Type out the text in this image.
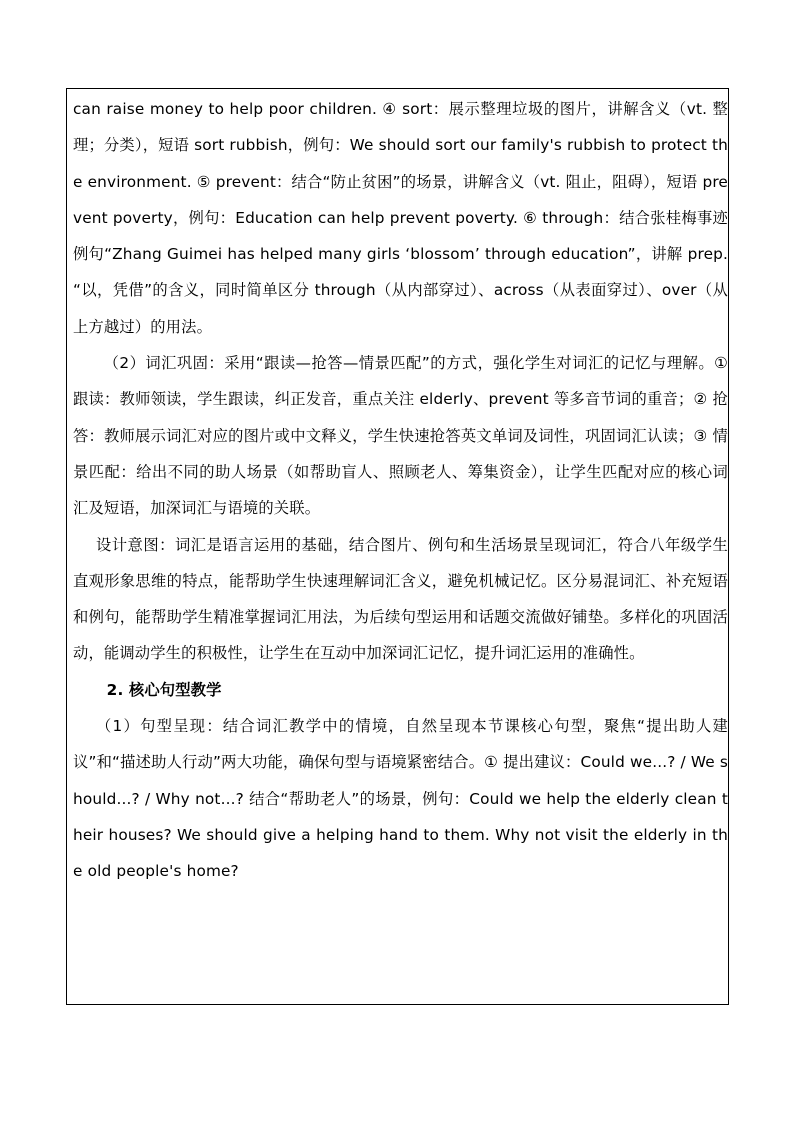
can raise money to help poor children. ④ sort：展示整理垃圾的图片，讲解含义（vt. 整理；分类），短语 sort rubbish，例句：We should sort our family's rubbish to protect the environment. ⑤ prevent：结合“防止贫困”的场景，讲解含义（vt. 阻止，阻碍），短语 prevent poverty，例句：Education can help prevent poverty. ⑥ through：结合张桂梅事迹例句“Zhang Guimei has helped many girls ‘blossom’ through education”，讲解 prep. “以，凭借”的含义，同时简单区分 through（从内部穿过）、across（从表面穿过）、over（从上方越过）的用法。

（2）词汇巩固：采用“跟读—抢答—情景匹配”的方式，强化学生对词汇的记忆与理解。① 跟读：教师领读，学生跟读，纠正发音，重点关注 elderly、prevent 等多音节词的重音；② 抢答：教师展示词汇对应的图片或中文释义，学生快速抢答英文单词及词性，巩固词汇认读；③ 情景匹配：给出不同的助人场景（如帮助盲人、照顾老人、筹集资金），让学生匹配对应的核心词汇及短语，加深词汇与语境的关联。

设计意图：词汇是语言运用的基础，结合图片、例句和生活场景呈现词汇，符合八年级学生直观形象思维的特点，能帮助学生快速理解词汇含义，避免机械记忆。区分易混词汇、补充短语和例句，能帮助学生精准掌握词汇用法，为后续句型运用和话题交流做好铺垫。多样化的巩固活动，能调动学生的积极性，让学生在互动中加深词汇记忆，提升词汇运用的准确性。

2. 核心句型教学

（1）句型呈现：结合词汇教学中的情境，自然呈现本节课核心句型，聚焦“提出助人建议”和“描述助人行动”两大功能，确保句型与语境紧密结合。① 提出建议：Could we...? / We should...? / Why not...? 结合“帮助老人”的场景，例句：Could we help the elderly clean their houses? We should give a helping hand to them. Why not visit the elderly in the old people's home?
